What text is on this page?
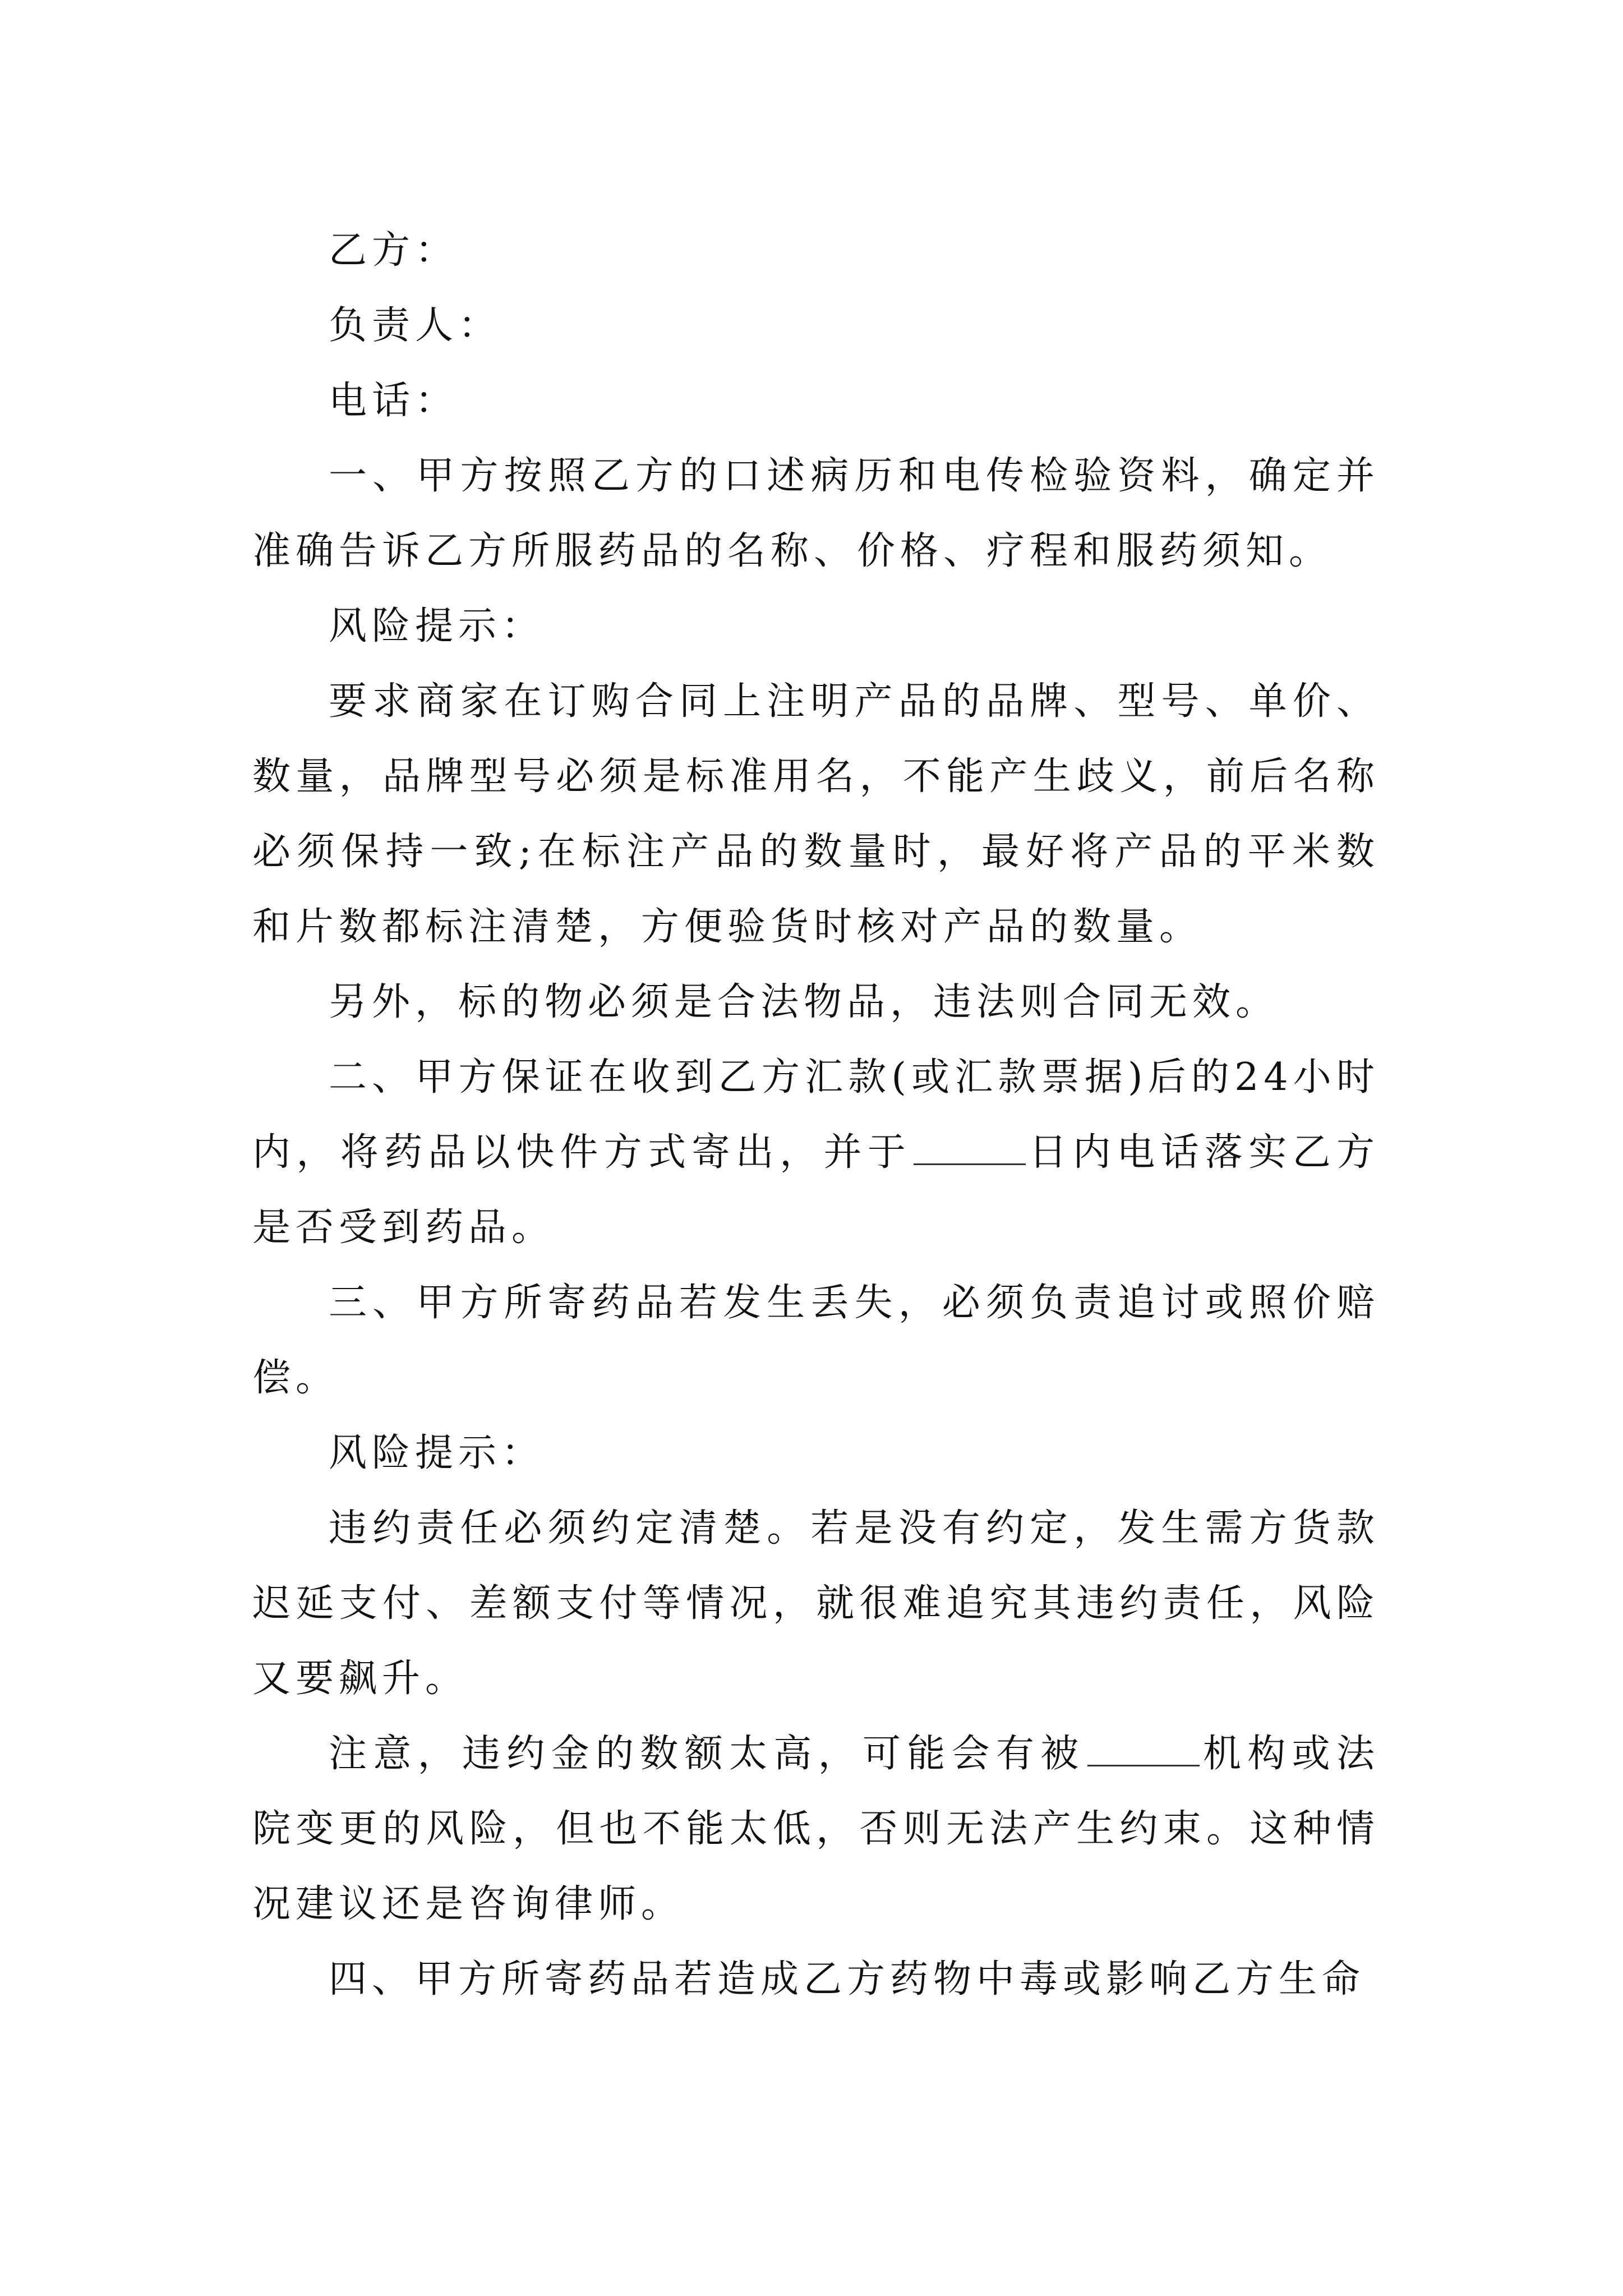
乙方：

负责人：

电话：

一、甲方按照乙方的口述病历和电传检验资料，确定并准确告诉乙方所服药品的名称、价格、疗程和服药须知。

风险提示：

要求商家在订购合同上注明产品的品牌、型号、单价、数量，品牌型号必须是标准用名，不能产生歧义，前后名称必须保持一致;在标注产品的数量时，最好将产品的平米数和片数都标注清楚，方便验货时核对产品的数量。

另外，标的物必须是合法物品，违法则合同无效。

二、甲方保证在收到乙方汇款(或汇款票据)后的24小时内，将药品以快件方式寄出，并于	日内电话落实乙方是否受到药品。

三、甲方所寄药品若发生丢失，必须负责追讨或照价赔偿。

风险提示：

违约责任必须约定清楚。若是没有约定，发生需方货款迟延支付、差额支付等情况，就很难追究其违约责任，风险又要飙升。

注意，违约金的数额太高，可能会有被	机构或法院变更的风险，但也不能太低，否则无法产生约束。这种情况建议还是咨询律师。

四、甲方所寄药品若造成乙方药物中毒或影响乙方生命
